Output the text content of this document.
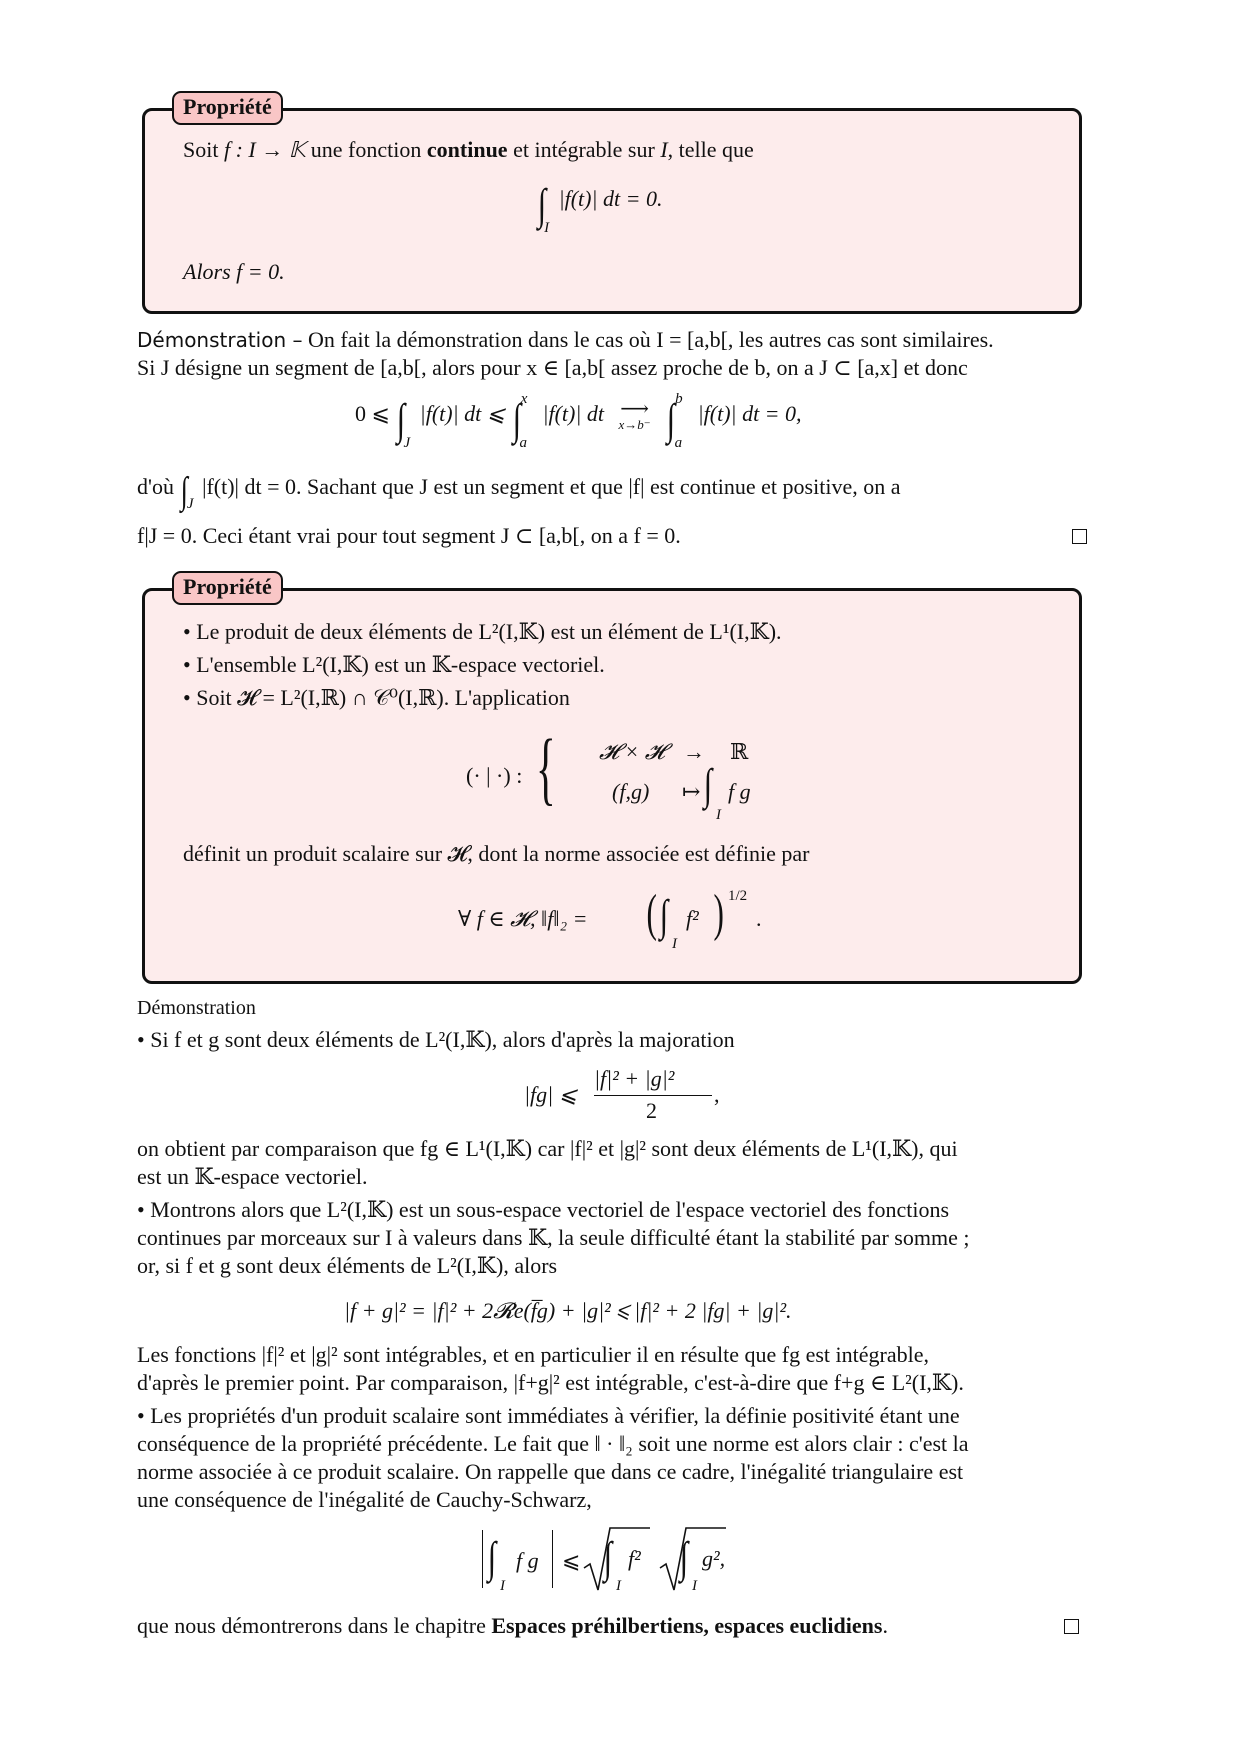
Propriété
Soit f : I → 𝕂 une fonction continue et intégrable sur I, telle que
$\int_I$ |f(t)| dt = 0.
Alors f = 0.
Démonstration – On fait la démonstration dans le cas où I = [a,b[, les autres cas sont similaires.
Si J désigne un segment de [a,b[, alors pour x ∈ [a,b[ assez proche de b, on a J ⊂ [a,x] et donc
0 ⩽ $\int_J$ |f(t)| dt ⩽ ∫$^x_a$ |f(t)| dt ⟶
x→b⁻ ∫$^b_a$ |f(t)| dt = 0,
d'où $\int_J$ |f(t)| dt = 0. Sachant que J est un segment et que |f| est continue et positive, on a
f|J = 0. Ceci étant vrai pour tout segment J ⊂ [a,b[, on a f = 0.
Propriété
• Le produit de deux éléments de L²(I,𝕂) est un élément de L¹(I,𝕂).
• L'ensemble L²(I,𝕂) est un 𝕂-espace vectoriel.
• Soit 𝓗 = L²(I,ℝ) ∩ 𝒞⁰(I,ℝ). L'application
(· | ·) : { 𝓗 × 𝓗 → ℝ
(f,g) ↦ ∫
I
f g
définit un produit scalaire sur 𝓗, dont la norme associée est définie par
∀ f ∈ 𝓗, ‖f‖₂ = ( ∫
I
f² ) 1/2
.
Démonstration
• Si f et g sont deux éléments de L²(I,𝕂), alors d'après la majoration
|fg| ⩽
|f|² + |g|²
2
,
on obtient par comparaison que fg ∈ L¹(I,𝕂) car |f|² et |g|² sont deux éléments de L¹(I,𝕂), qui
est un 𝕂-espace vectoriel.
• Montrons alors que L²(I,𝕂) est un sous-espace vectoriel de l'espace vectoriel des fonctions
continues par morceaux sur I à valeurs dans 𝕂, la seule difficulté étant la stabilité par somme ;
or, si f et g sont deux éléments de L²(I,𝕂), alors
|f + g|² = |f|² + 2𝓡e(f̅g) + |g|² ⩽ |f|² + 2 |fg| + |g|².
Les fonctions |f|² et |g|² sont intégrables, et en particulier il en résulte que fg est intégrable,
d'après le premier point. Par comparaison, |f+g|² est intégrable, c'est-à-dire que f+g ∈ L²(I,𝕂).
• Les propriétés d'un produit scalaire sont immédiates à vérifier, la définie positivité étant une
conséquence de la propriété précédente. Le fait que ‖ · ‖₂ soit une norme est alors clair : c'est la
norme associée à ce produit scalaire. On rappelle que dans ce cadre, l'inégalité triangulaire est
une conséquence de l'inégalité de Cauchy-Schwarz,
∫
I
f g ⩽ ∫
I
f² ∫
I
g²,
que nous démontrerons dans le chapitre Espaces préhilbertiens, espaces euclidiens.
